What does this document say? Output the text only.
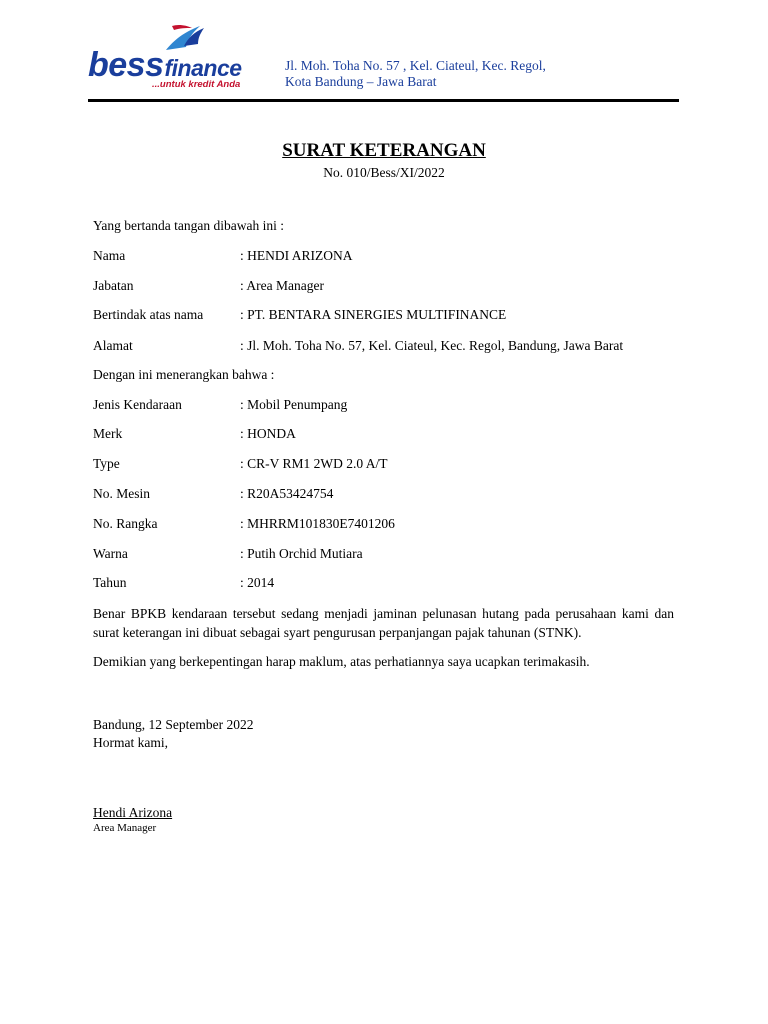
bessfinance
...untuk kredit Anda
Jl. Moh. Toha No. 57 , Kel. Ciateul, Kec. Regol,
Kota Bandung – Jawa Barat
SURAT KETERANGAN
No. 010/Bess/XI/2022
Yang bertanda tangan dibawah ini :
Nama	: HENDI ARIZONA
Jabatan	: Area Manager
Bertindak atas nama	: PT. BENTARA SINERGIES MULTIFINANCE
Alamat	: Jl. Moh. Toha No. 57, Kel. Ciateul, Kec. Regol, Bandung, Jawa Barat
Dengan ini menerangkan bahwa :
Jenis Kendaraan	: Mobil Penumpang
Merk	: HONDA
Type	: CR-V RM1 2WD 2.0 A/T
No. Mesin	: R20A53424754
No. Rangka	: MHRRM101830E7401206
Warna	: Putih Orchid Mutiara
Tahun	: 2014
Benar BPKB kendaraan tersebut sedang menjadi jaminan pelunasan hutang pada perusahaan kami dan surat keterangan ini dibuat sebagai syart pengurusan perpanjangan pajak tahunan (STNK).
Demikian yang berkepentingan harap maklum, atas perhatiannya saya ucapkan terimakasih.
Bandung, 12 September 2022
Hormat kami,
Hendi Arizona
Area Manager
